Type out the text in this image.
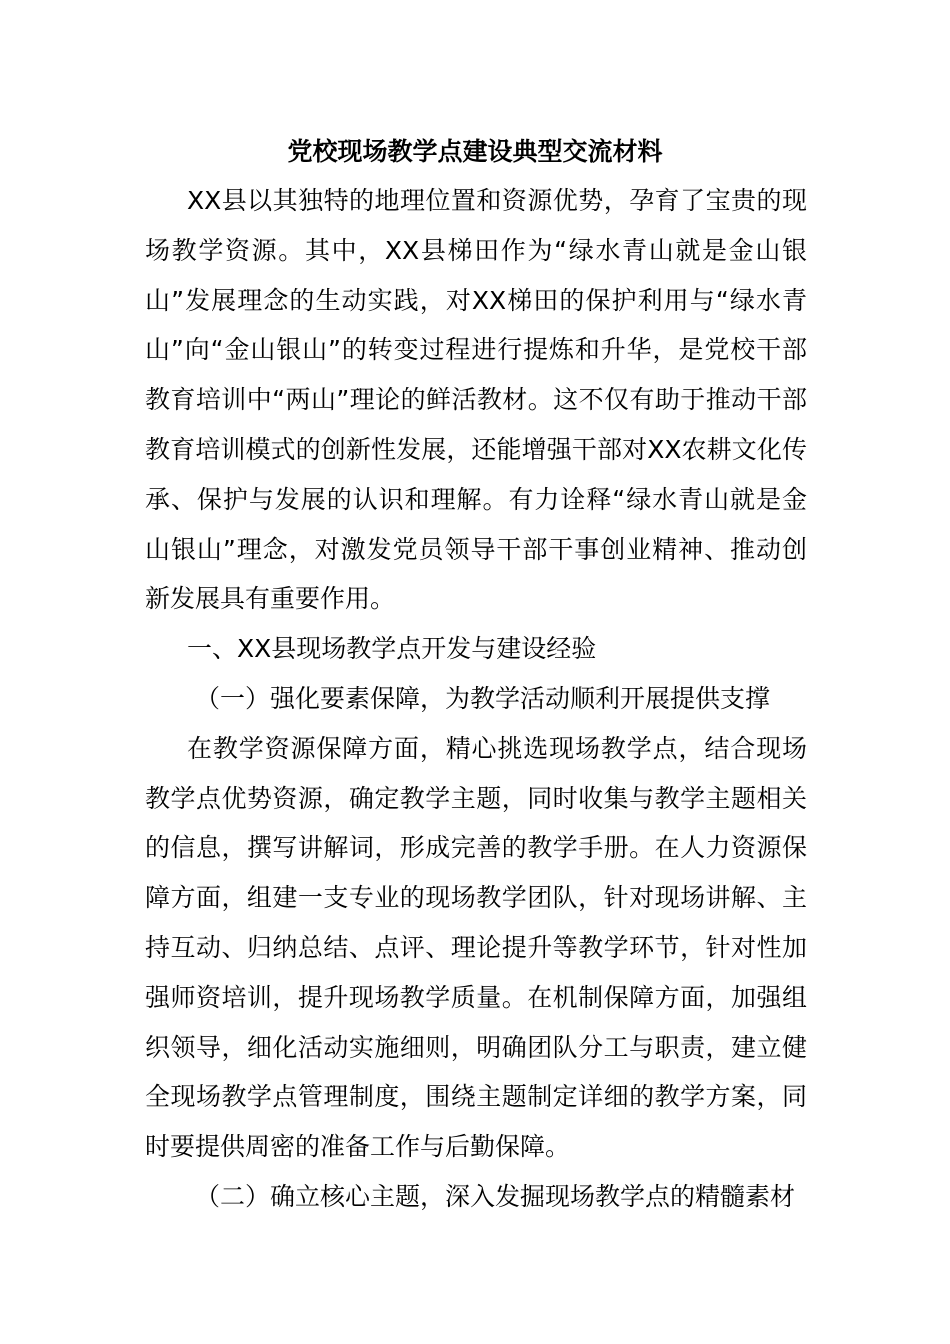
党校现场教学点建设典型交流材料

XX县以其独特的地理位置和资源优势，孕育了宝贵的现场教学资源。其中，XX县梯田作为“绿水青山就是金山银山”发展理念的生动实践，对XX梯田的保护利用与“绿水青山”向“金山银山”的转变过程进行提炼和升华，是党校干部教育培训中“两山”理论的鲜活教材。这不仅有助于推动干部教育培训模式的创新性发展，还能增强干部对XX农耕文化传承、保护与发展的认识和理解。有力诠释“绿水青山就是金山银山”理念，对激发党员领导干部干事创业精神、推动创新发展具有重要作用。

一、XX县现场教学点开发与建设经验

（一）强化要素保障，为教学活动顺利开展提供支撑

在教学资源保障方面，精心挑选现场教学点，结合现场教学点优势资源，确定教学主题，同时收集与教学主题相关的信息，撰写讲解词，形成完善的教学手册。在人力资源保障方面，组建一支专业的现场教学团队，针对现场讲解、主持互动、归纳总结、点评、理论提升等教学环节，针对性加强师资培训，提升现场教学质量。在机制保障方面，加强组织领导，细化活动实施细则，明确团队分工与职责，建立健全现场教学点管理制度，围绕主题制定详细的教学方案，同时要提供周密的准备工作与后勤保障。

（二）确立核心主题，深入发掘现场教学点的精髓素材
